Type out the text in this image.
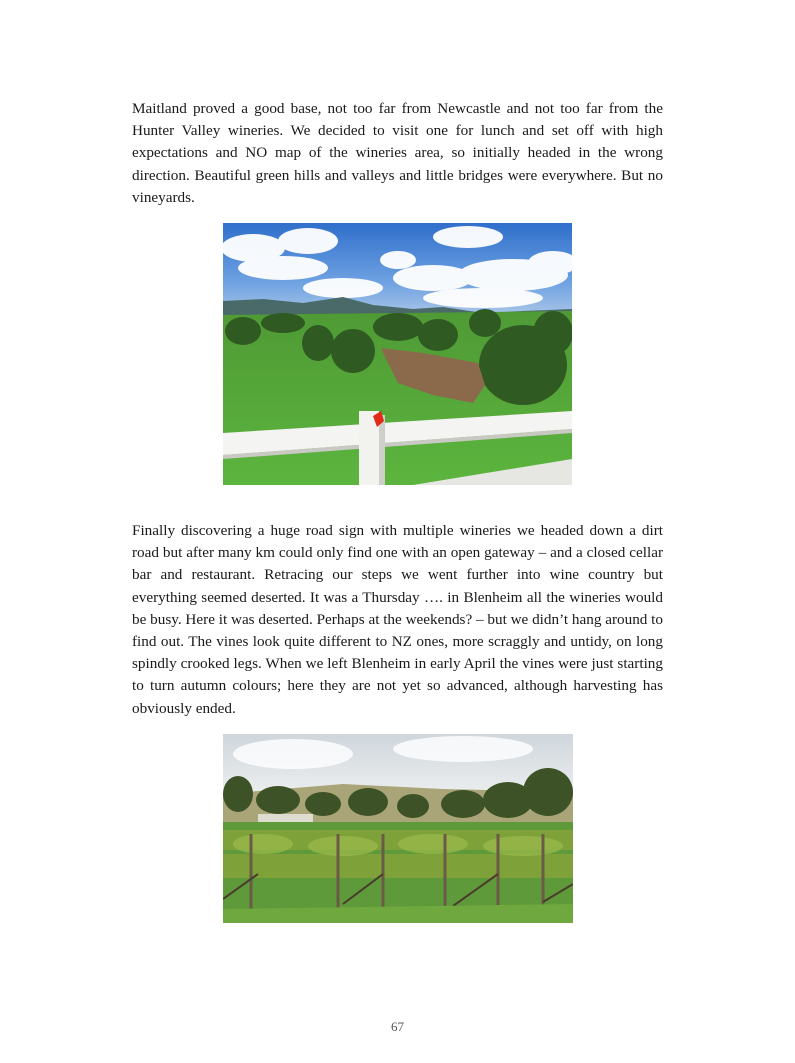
Maitland proved a good base, not too far from Newcastle and not too far from the Hunter Valley wineries. We decided to visit one for lunch and set off with high expectations and NO map of the wineries area, so initially headed in the wrong direction. Beautiful green hills and valleys and little bridges were everywhere. But no vineyards.

Finally discovering a huge road sign with multiple wineries we headed down a dirt road but after many km could only find one with an open gateway – and a closed cellar bar and restaurant. Retracing our steps we went further into wine country but everything seemed deserted. It was a Thursday …. in Blenheim all the wineries would be busy. Here it was deserted. Perhaps at the weekends? – but we didn’t hang around to find out. The vines look quite different to NZ ones, more scraggly and untidy, on long spindly crooked legs. When we left Blenheim in early April the vines were just starting to turn autumn colours; here they are not yet so advanced, although harvesting has obviously ended.

67
